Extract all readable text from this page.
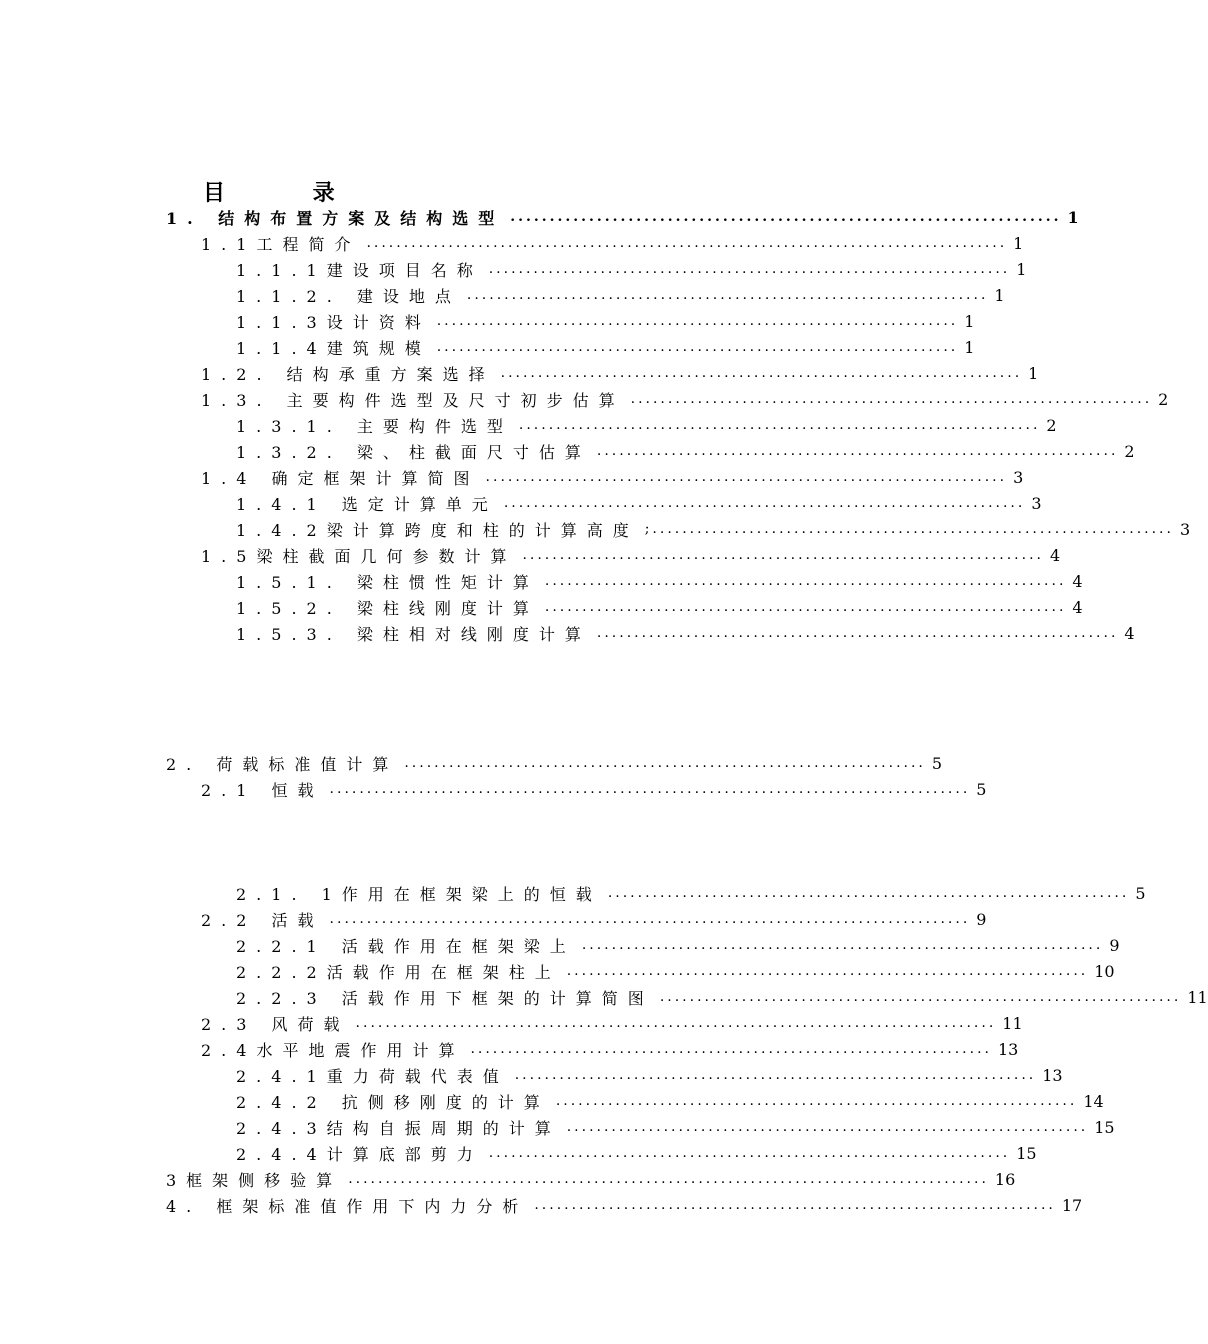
目 录
1. 结构布置方案及结构选型 ...................................................................... 1
1.1工程简介 ...................................................................................... 1
1.1.1建设项目名称 ...................................................................... 1
1.1.2. 建设地点 ...................................................................... 1
1.1.3设计资料 ...................................................................... 1
1.1.4建筑规模 ...................................................................... 1
1.2. 结构承重方案选择 ...................................................................... 1
1.3. 主要构件选型及尺寸初步估算 ...................................................................... 2
1.3.1. 主要构件选型 ...................................................................... 2
1.3.2. 梁、柱截面尺寸估算 ...................................................................... 2
1.4 确定框架计算简图 ...................................................................... 3
1.4.1 选定计算单元 ...................................................................... 3
1.4.2梁计算跨度和柱的计算高度 ;...................................................................... 3
1.5梁柱截面几何参数计算 ...................................................................... 4
1.5.1. 梁柱惯性矩计算 ...................................................................... 4
1.5.2. 梁柱线刚度计算 ...................................................................... 4
1.5.3. 梁柱相对线刚度计算 ...................................................................... 4
2. 荷载标准值计算 ...................................................................... 5
2.1 恒载 ...................................................................................... 5
2.1. 1作用在框架梁上的恒载 ...................................................................... 5
2.2 活载 ...................................................................................... 9
2.2.1 活载作用在框架梁上 ...................................................................... 9
2.2.2活载作用在框架柱上 ...................................................................... 10
2.2.3 活载作用下框架的计算简图 ...................................................................... 11
2.3 风荷载 ...................................................................................... 11
2.4水平地震作用计算 ...................................................................... 13
2.4.1重力荷载代表值 ...................................................................... 13
2.4.2 抗侧移刚度的计算 ...................................................................... 14
2.4.3结构自振周期的计算 ...................................................................... 15
2.4.4计算底部剪力 ...................................................................... 15
3框架侧移验算 ...................................................................................... 16
4. 框架标准值作用下内力分析 ...................................................................... 17
